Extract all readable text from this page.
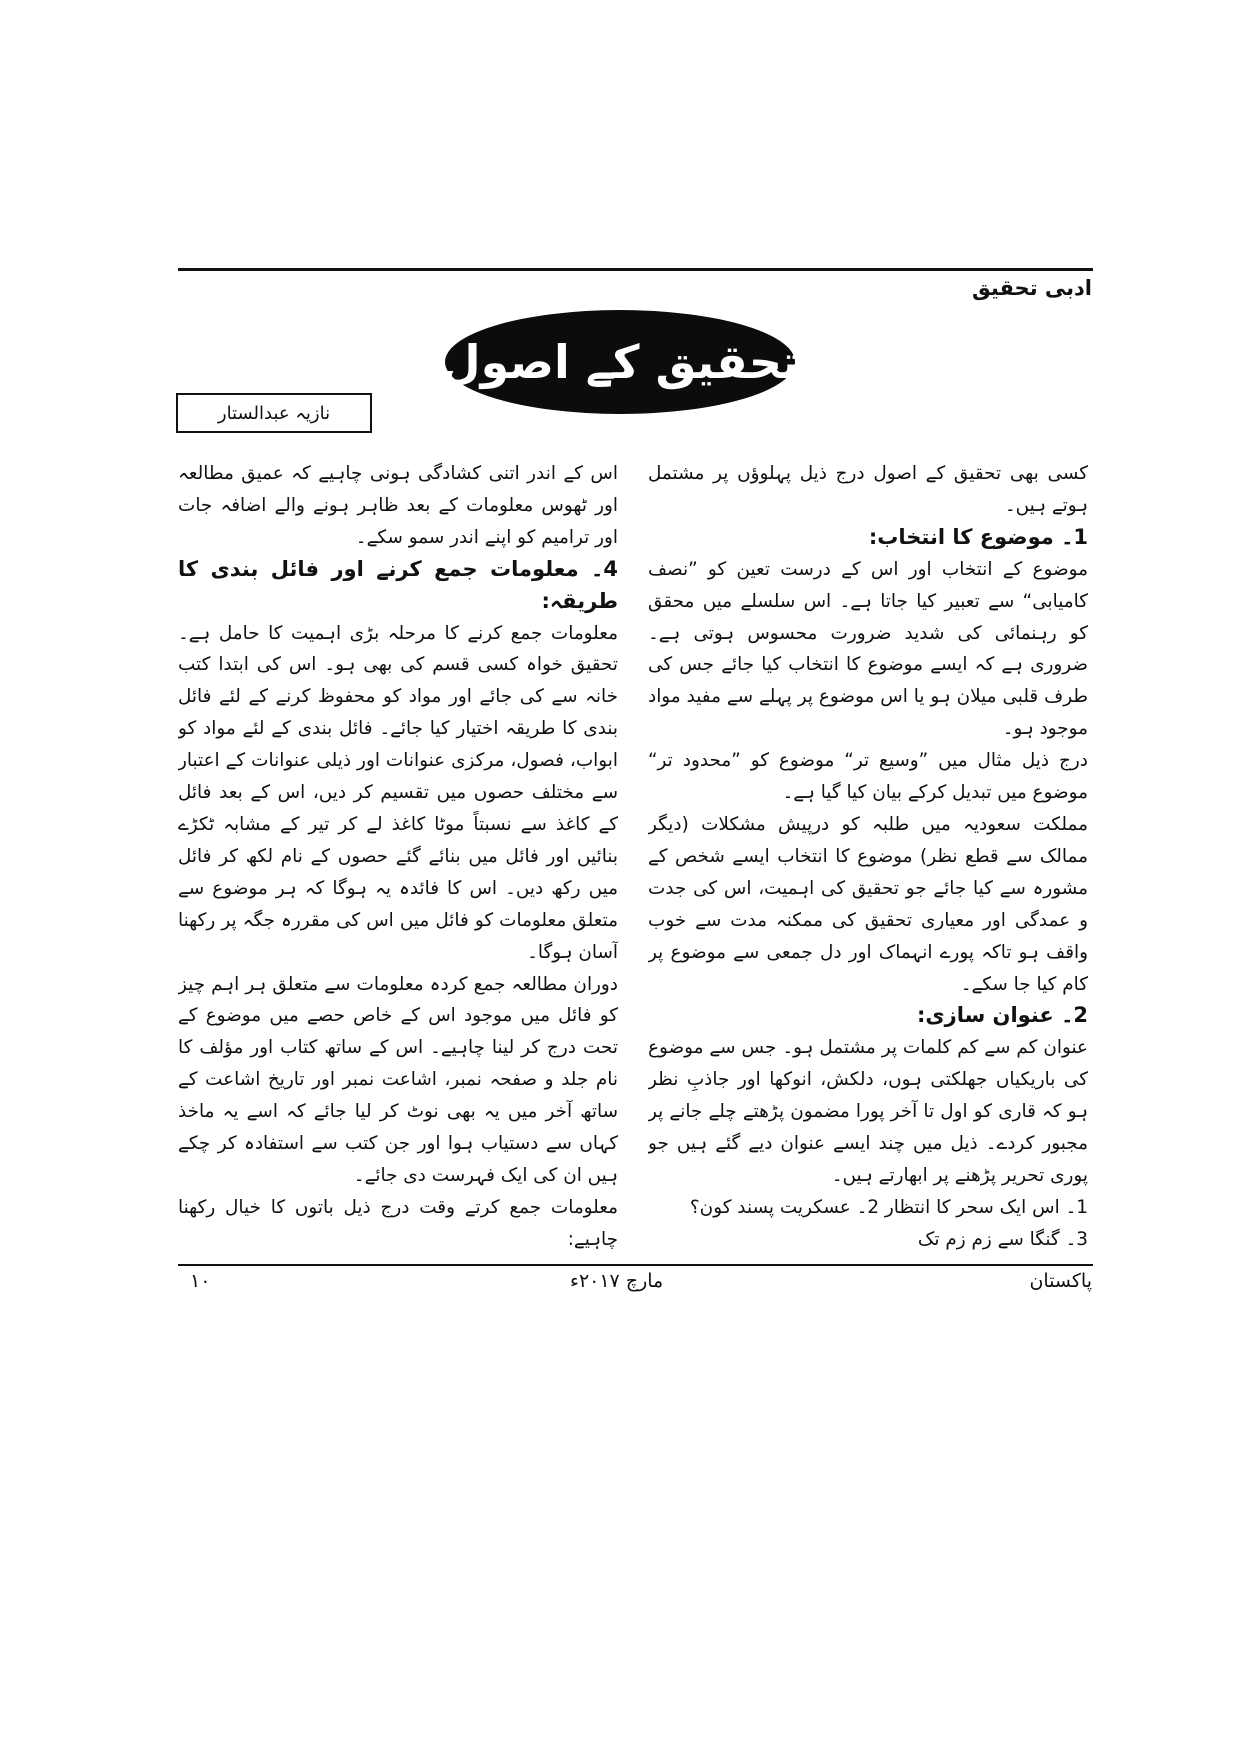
ادبی تحقیق
تحقیق کے اصول
نازیہ عبدالستار

کسی بھی تحقیق کے اصول درج ذیل پہلوؤں پر مشتمل ہوتے ہیں۔

1۔ موضوع کا انتخاب:

موضوع کے انتخاب اور اس کے درست تعین کو ”نصف کامیابی“ سے تعبیر کیا جاتا ہے۔ اس سلسلے میں محقق کو رہنمائی کی شدید ضرورت محسوس ہوتی ہے۔ ضروری ہے کہ ایسے موضوع کا انتخاب کیا جائے جس کی طرف قلبی میلان ہو یا اس موضوع پر پہلے سے مفید مواد موجود ہو۔

درج ذیل مثال میں ”وسیع تر“ موضوع کو ”محدود تر“ موضوع میں تبدیل کرکے بیان کیا گیا ہے۔

مملکت سعودیہ میں طلبہ کو درپیش مشکلات (دیگر ممالک سے قطع نظر) موضوع کا انتخاب ایسے شخص کے مشورہ سے کیا جائے جو تحقیق کی اہمیت، اس کی جدت و عمدگی اور معیاری تحقیق کی ممکنہ مدت سے خوب واقف ہو تاکہ پورے انہماک اور دل جمعی سے موضوع پر کام کیا جا سکے۔

2۔ عنوان سازی:

عنوان کم سے کم کلمات پر مشتمل ہو۔ جس سے موضوع کی باریکیاں جھلکتی ہوں، دلکش، انوکھا اور جاذبِ نظر ہو کہ قاری کو اول تا آخر پورا مضمون پڑھتے چلے جانے پر مجبور کردے۔ ذیل میں چند ایسے عنوان دیے گئے ہیں جو پوری تحریر پڑھنے پر ابھارتے ہیں۔

1۔ اس ایک سحر کا انتظار 2۔ عسکریت پسند کون؟

3۔ گنگا سے زم زم تک

اس کے اندر اتنی کشادگی ہونی چاہیے کہ عمیق مطالعہ اور ٹھوس معلومات کے بعد ظاہر ہونے والے اضافہ جات اور ترامیم کو اپنے اندر سمو سکے۔

4۔ معلومات جمع کرنے اور فائل بندی کا طریقہ:

معلومات جمع کرنے کا مرحلہ بڑی اہمیت کا حامل ہے۔ تحقیق خواہ کسی قسم کی بھی ہو۔ اس کی ابتدا کتب خانہ سے کی جائے اور مواد کو محفوظ کرنے کے لئے فائل بندی کا طریقہ اختیار کیا جائے۔ فائل بندی کے لئے مواد کو ابواب، فصول، مرکزی عنوانات اور ذیلی عنوانات کے اعتبار سے مختلف حصوں میں تقسیم کر دیں، اس کے بعد فائل کے کاغذ سے نسبتاً موٹا کاغذ لے کر تیر کے مشابہ ٹکڑے بنائیں اور فائل میں بنائے گئے حصوں کے نام لکھ کر فائل میں رکھ دیں۔ اس کا فائدہ یہ ہوگا کہ ہر موضوع سے متعلق معلومات کو فائل میں اس کی مقررہ جگہ پر رکھنا آسان ہوگا۔

دوران مطالعہ جمع کردہ معلومات سے متعلق ہر اہم چیز کو فائل میں موجود اس کے خاص حصے میں موضوع کے تحت درج کر لینا چاہیے۔ اس کے ساتھ کتاب اور مؤلف کا نام جلد و صفحہ نمبر، اشاعت نمبر اور تاریخ اشاعت کے ساتھ آخر میں یہ بھی نوٹ کر لیا جائے کہ اسے یہ ماخذ کہاں سے دستیاب ہوا اور جن کتب سے استفادہ کر چکے ہیں ان کی ایک فہرست دی جائے۔

معلومات جمع کرتے وقت درج ذیل باتوں کا خیال رکھنا چاہیے:

پاکستان
مارچ ۲۰۱۷ء
۱۰
